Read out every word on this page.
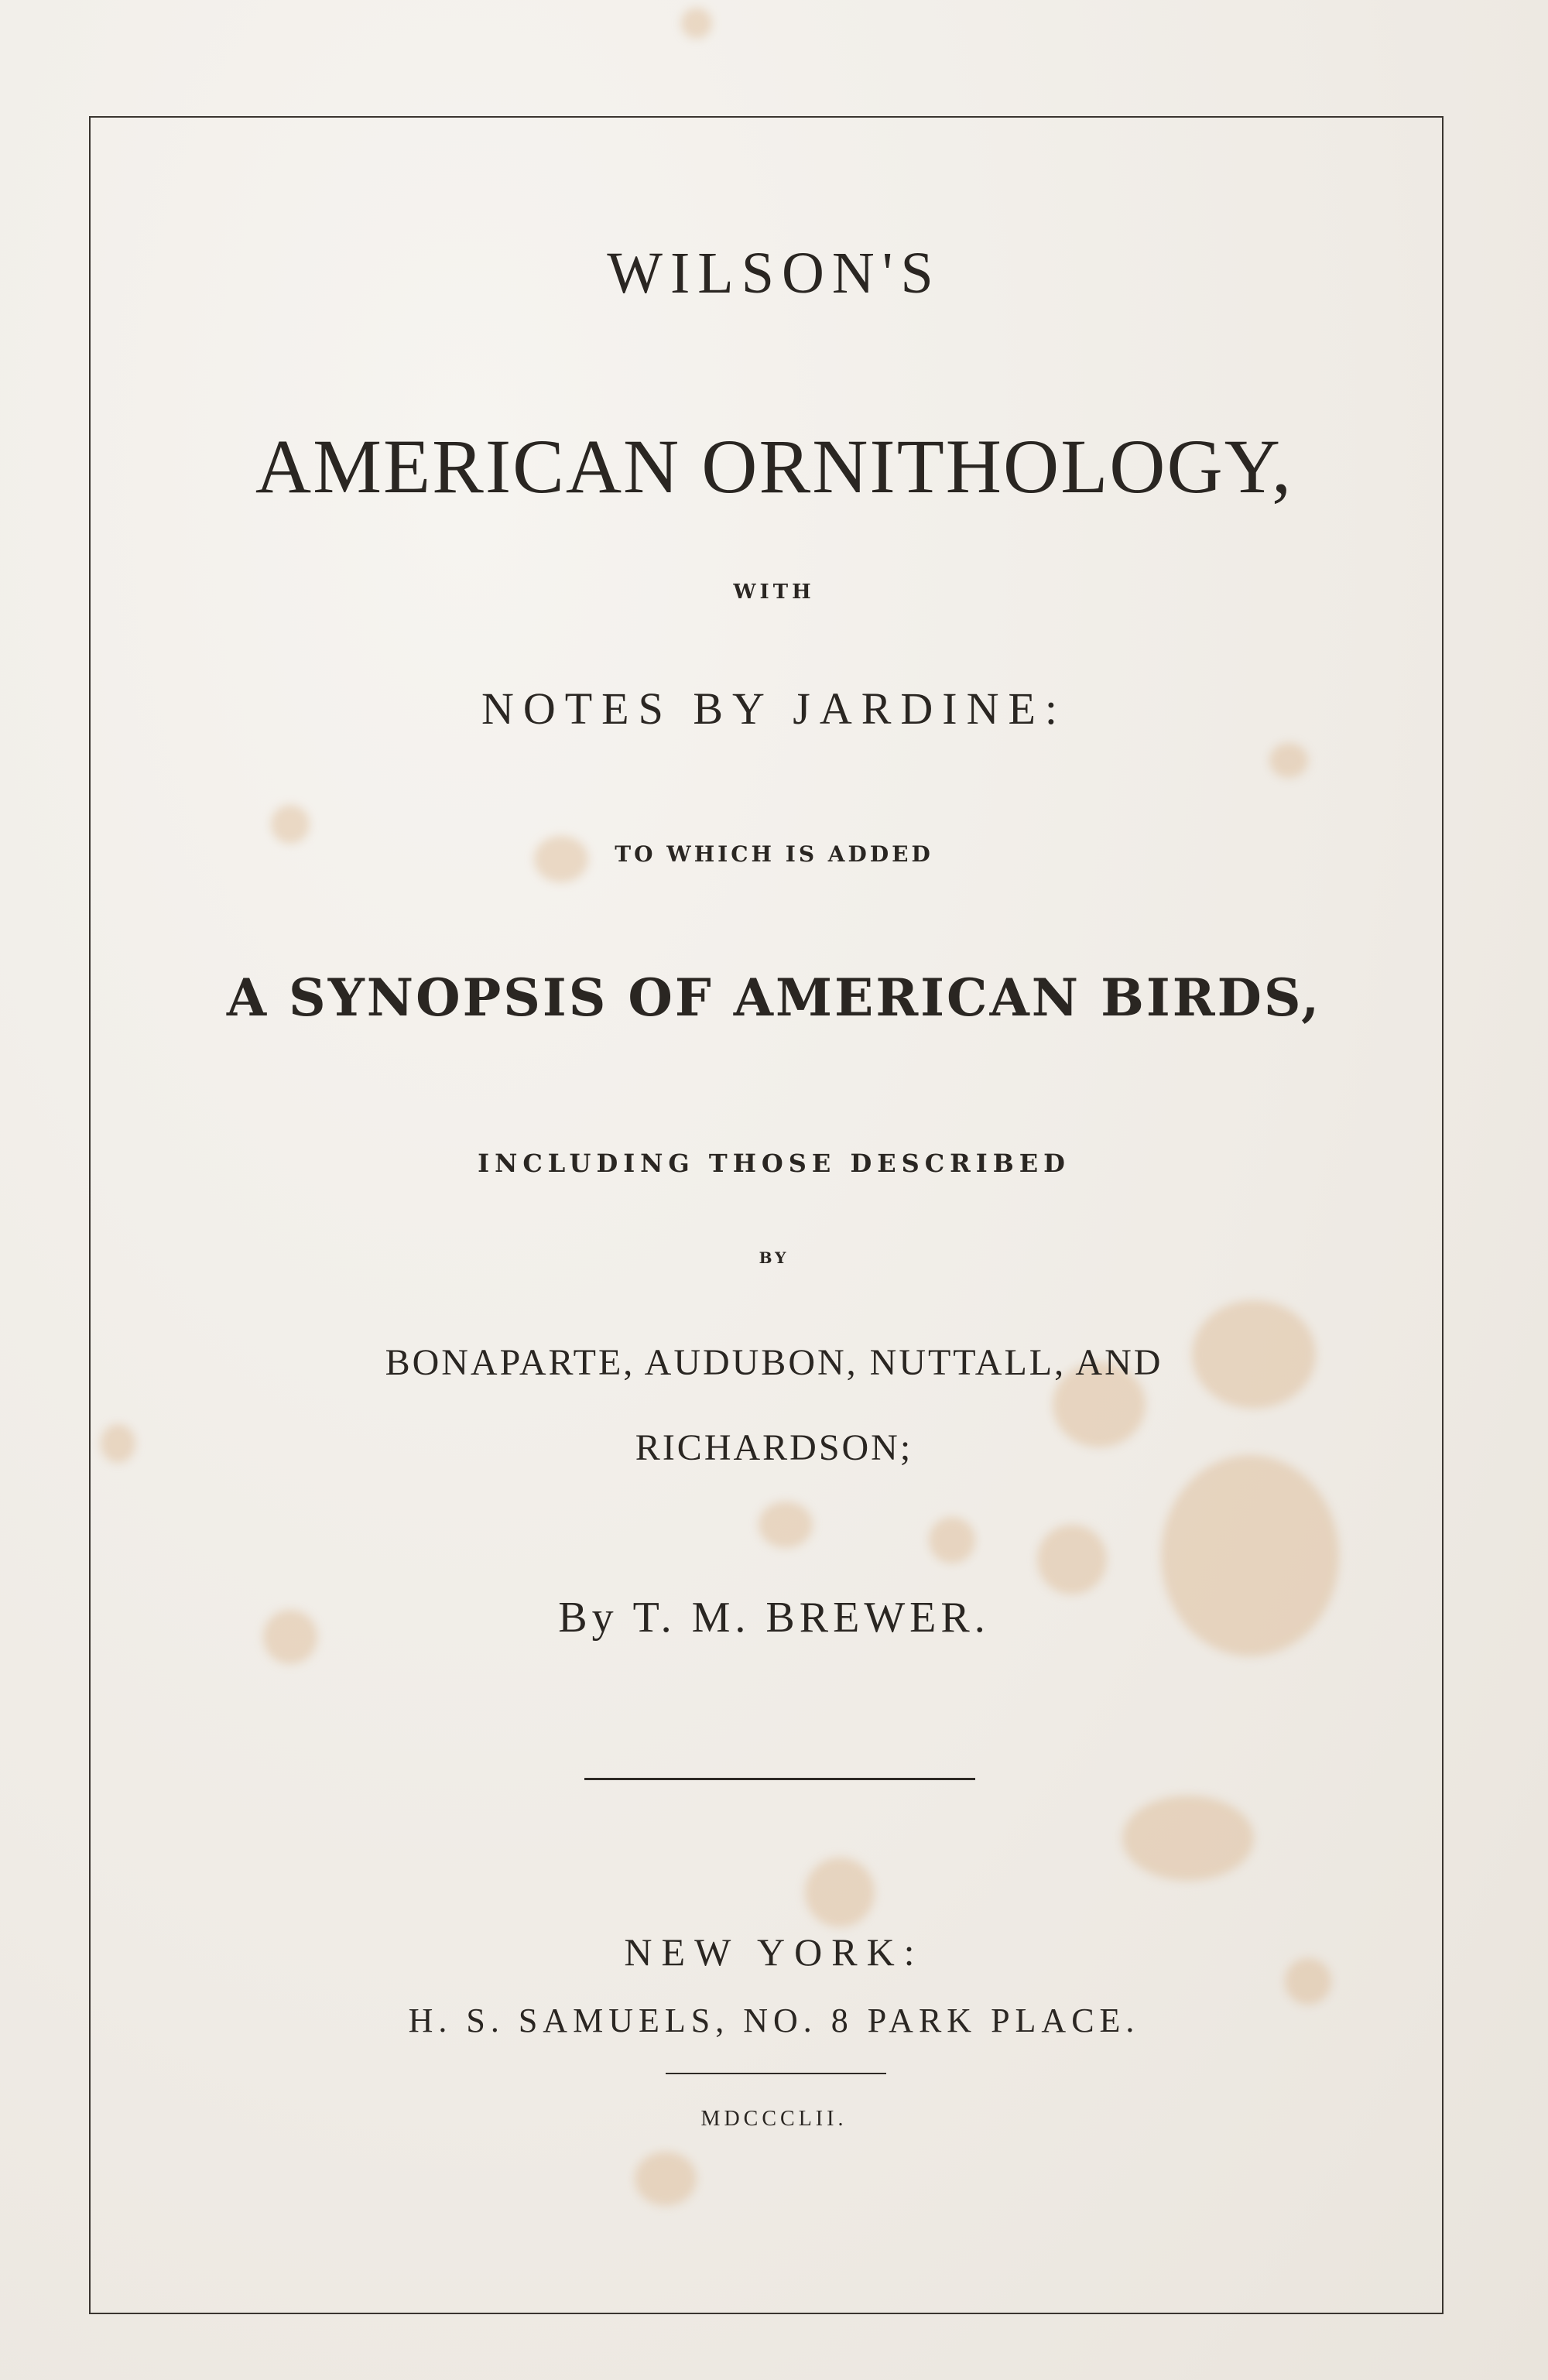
WILSON'S
AMERICAN ORNITHOLOGY,
WITH
NOTES BY JARDINE:
TO WHICH IS ADDED
A SYNOPSIS OF AMERICAN BIRDS,
INCLUDING THOSE DESCRIBED
BY
BONAPARTE, AUDUBON, NUTTALL, AND
RICHARDSON;
By T. M. BREWER.
NEW YORK:
H. S. SAMUELS, NO. 8 PARK PLACE.
MDCCCLII.
